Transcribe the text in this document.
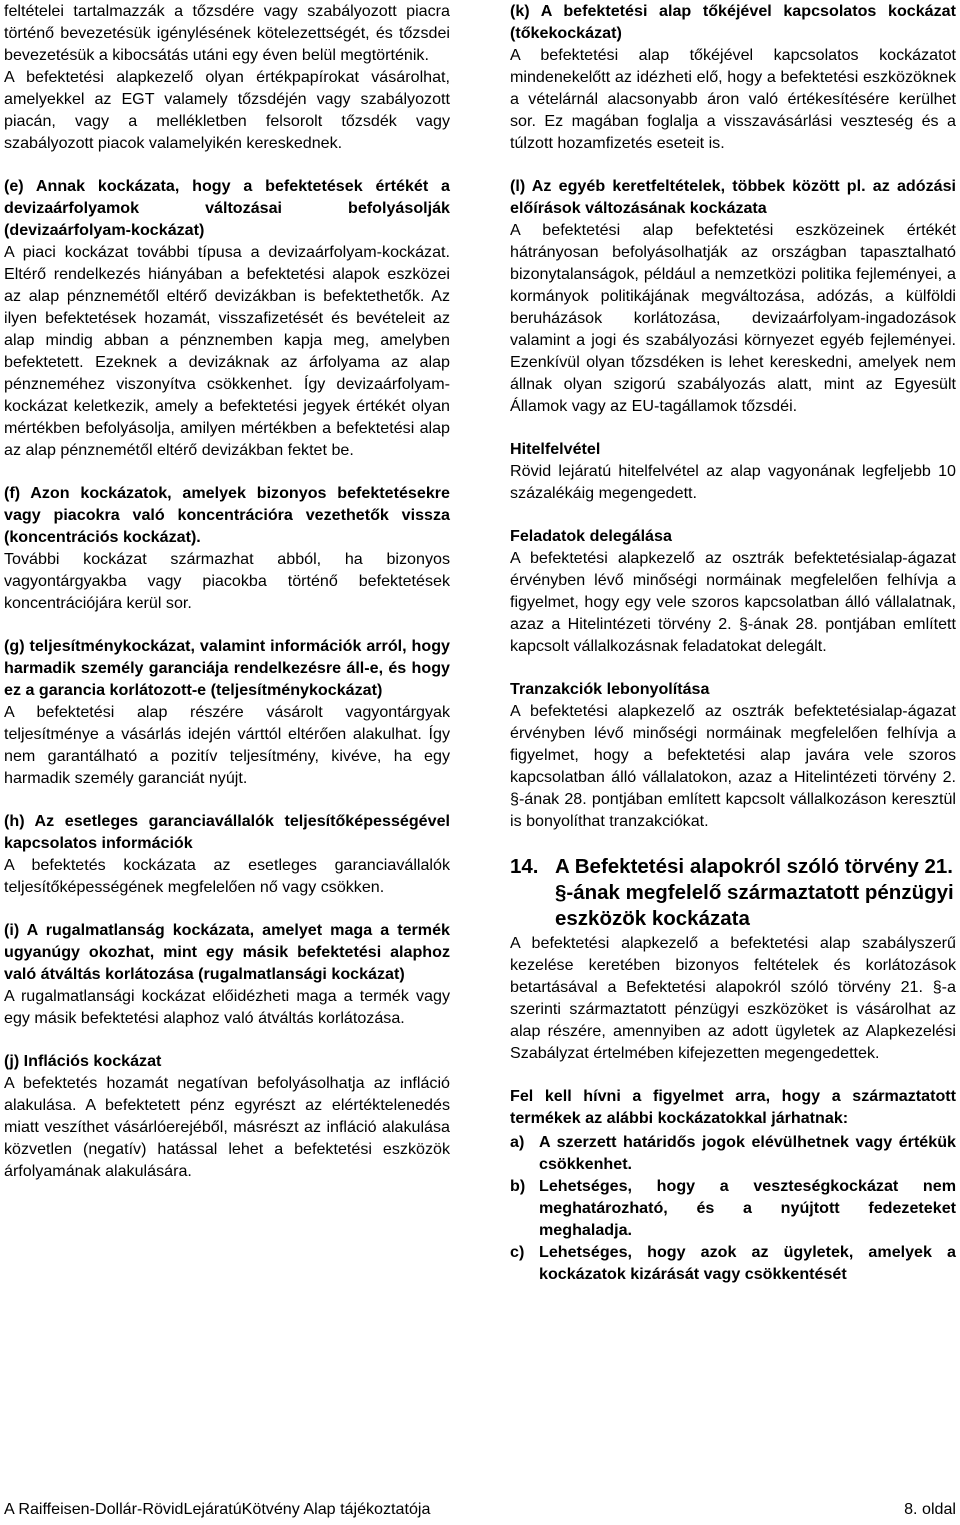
feltételei tartalmazzák a tőzsdére vagy szabályozott piacra történő bevezetésük igénylésének kötelezettségét, és tőzsdei bevezetésük a kibocsátás utáni egy éven belül megtörténik.

A befektetési alapkezelő olyan értékpapírokat vásárolhat, amelyekkel az EGT valamely tőzsdéjén vagy szabályozott piacán, vagy a mellékletben felsorolt tőzsdék vagy szabályozott piacok valamelyikén kereskednek.

(e) Annak kockázata, hogy a befektetések értékét a devizaárfolyamok változásai befolyásolják (devizaárfolyam-kockázat)

A piaci kockázat további típusa a devizaárfolyam-kockázat. Eltérő rendelkezés hiányában a befektetési alapok eszközei az alap pénznemétől eltérő devizákban is befektethetők. Az ilyen befektetések hozamát, visszafizetését és bevételeit az alap mindig abban a pénznemben kapja meg, amelyben befektetett. Ezeknek a devizáknak az árfolyama az alap pénzneméhez viszonyítva csökkenhet. Így devizaárfolyam-kockázat keletkezik, amely a befektetési jegyek értékét olyan mértékben befolyásolja, amilyen mértékben a befektetési alap az alap pénznemétől eltérő devizákban fektet be.

(f) Azon kockázatok, amelyek bizonyos befektetésekre vagy piacokra való koncentrációra vezethetők vissza (koncentrációs kockázat).

További kockázat származhat abból, ha bizonyos vagyontárgyakba vagy piacokba történő befektetések koncentrációjára kerül sor.

(g) teljesítménykockázat, valamint információk arról, hogy harmadik személy garanciája rendelkezésre áll-e, és hogy ez a garancia korlátozott-e (teljesítménykockázat)

A befektetési alap részére vásárolt vagyontárgyak teljesítménye a vásárlás idején várttól eltérően alakulhat. Így nem garantálható a pozitív teljesítmény, kivéve, ha egy harmadik személy garanciát nyújt.

(h) Az esetleges garanciavállalók teljesítőképességével kapcsolatos információk

A befektetés kockázata az esetleges garanciavállalók teljesítőképességének megfelelően nő vagy csökken.

(i) A rugalmatlanság kockázata, amelyet maga a termék ugyanúgy okozhat, mint egy másik befektetési alaphoz való átváltás korlátozása (rugalmatlansági kockázat)

A rugalmatlansági kockázat előidézheti maga a termék vagy egy másik befektetési alaphoz való átváltás korlátozása.

(j) Inflációs kockázat

A befektetés hozamát negatívan befolyásolhatja az infláció alakulása. A befektetett pénz egyrészt az elértéktelenedés miatt veszíthet vásárlóerejéből, másrészt az infláció alakulása közvetlen (negatív) hatással lehet a befektetési eszközök árfolyamának alakulására.

(k) A befektetési alap tőkéjével kapcsolatos kockázat (tőkekockázat)

A befektetési alap tőkéjével kapcsolatos kockázatot mindenekelőtt az idézheti elő, hogy a befektetési eszközöknek a vételárnál alacsonyabb áron való értékesítésére kerülhet sor. Ez magában foglalja a visszavásárlási veszteség és a túlzott hozamfizetés eseteit is.

(l) Az egyéb keretfeltételek, többek között pl. az adózási előírások változásának kockázata

A befektetési alap befektetési eszközeinek értékét hátrányosan befolyásolhatják az országban tapasztalható bizonytalanságok, például a nemzetközi politika fejleményei, a kormányok politikájának megváltozása, adózás, a külföldi beruházások korlátozása, devizaárfolyam-ingadozások valamint a jogi és szabályozási környezet egyéb fejleményei. Ezenkívül olyan tőzsdéken is lehet kereskedni, amelyek nem állnak olyan szigorú szabályozás alatt, mint az Egyesült Államok vagy az EU-tagállamok tőzsdéi.

Hitelfelvétel

Rövid lejáratú hitelfelvétel az alap vagyonának legfeljebb 10 százalékáig megengedett.

Feladatok delegálása

A befektetési alapkezelő az osztrák befektetésialap-ágazat érvényben lévő minőségi normáinak megfelelően felhívja a figyelmet, hogy egy vele szoros kapcsolatban álló vállalatnak, azaz a Hitelintézeti törvény 2. §-ának 28. pontjában említett kapcsolt vállalkozásnak feladatokat delegált.

Tranzakciók lebonyolítása

A befektetési alapkezelő az osztrák befektetésialap-ágazat érvényben lévő minőségi normáinak megfelelően felhívja a figyelmet, hogy a befektetési alap javára vele szoros kapcsolatban álló vállalatokon, azaz a Hitelintézeti törvény 2. §-ának 28. pontjában említett kapcsolt vállalkozáson keresztül is bonyolíthat tranzakciókat.

14. A Befektetési alapokról szóló törvény 21. §-ának megfelelő származtatott pénzügyi eszközök kockázata

A befektetési alapkezelő a befektetési alap szabályszerű kezelése keretében bizonyos feltételek és korlátozások betartásával a Befektetési alapokról szóló törvény 21. §-a szerinti származtatott pénzügyi eszközöket is vásárolhat az alap részére, amennyiben az adott ügyletek az Alapkezelési Szabályzat értelmében kifejezetten megengedettek.

Fel kell hívni a figyelmet arra, hogy a származtatott termékek az alábbi kockázatokkal járhatnak:

a) A szerzett határidős jogok elévülhetnek vagy értékük csökkenhet.
b) Lehetséges, hogy a veszteségkockázat nem meghatározható, és a nyújtott fedezeteket meghaladja.
c) Lehetséges, hogy azok az ügyletek, amelyek a kockázatok kizárását vagy csökkentését
A Raiffeisen-Dollár-RövidLejáratúKötvény Alap tájékoztatója	8. oldal
